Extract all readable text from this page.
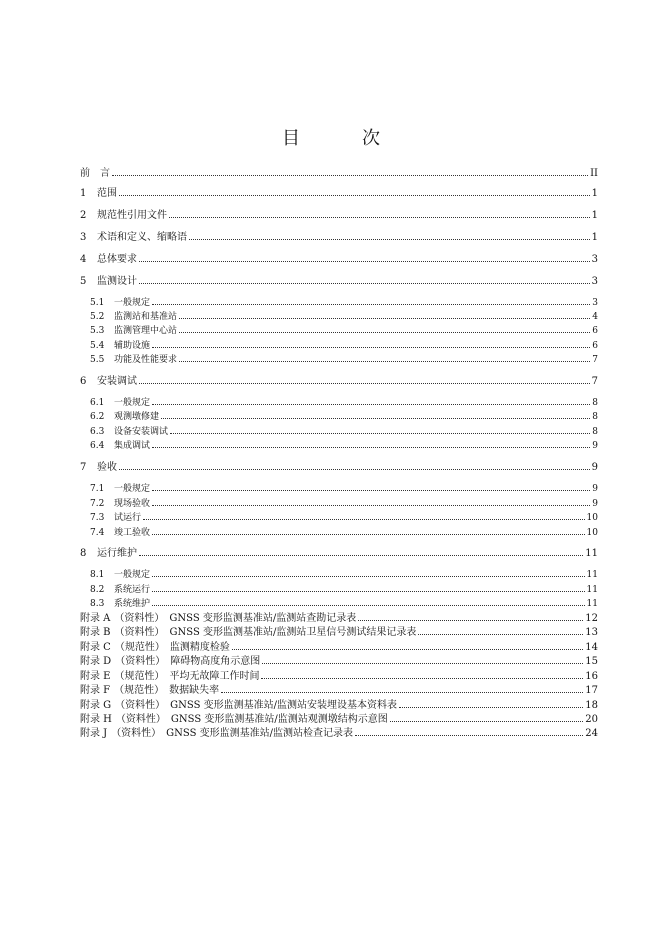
目　次
前　言	II
1	范围	1
2	规范性引用文件	1
3	术语和定义、缩略语	1
4	总体要求	3
5	监测设计	3
5.1	一般规定	3
5.2	监测站和基准站	4
5.3	监测管理中心站	6
5.4	辅助设施	6
5.5	功能及性能要求	7
6	安装调试	7
6.1	一般规定	8
6.2	观测墩修建	8
6.3	设备安装调试	8
6.4	集成调试	9
7	验收	9
7.1	一般规定	9
7.2	现场验收	9
7.3	试运行	10
7.4	竣工验收	10
8	运行维护	11
8.1	一般规定	11
8.2	系统运行	11
8.3	系统维护	11
附录 A （资料性）　GNSS 变形监测基准站/监测站查勘记录表	12
附录 B （资料性）　GNSS 变形监测基准站/监测站卫星信号测试结果记录表	13
附录 C （规范性）　监测精度检验	14
附录 D （资料性）　障碍物高度角示意图	15
附录 E （规范性）　平均无故障工作时间	16
附录 F （规范性）　数据缺失率	17
附录 G （资料性）　GNSS 变形监测基准站/监测站安装埋设基本资料表	18
附录 H （资料性）　GNSS 变形监测基准站/监测站观测墩结构示意图	20
附录 J （资料性）　GNSS 变形监测基准站/监测站检查记录表	24
